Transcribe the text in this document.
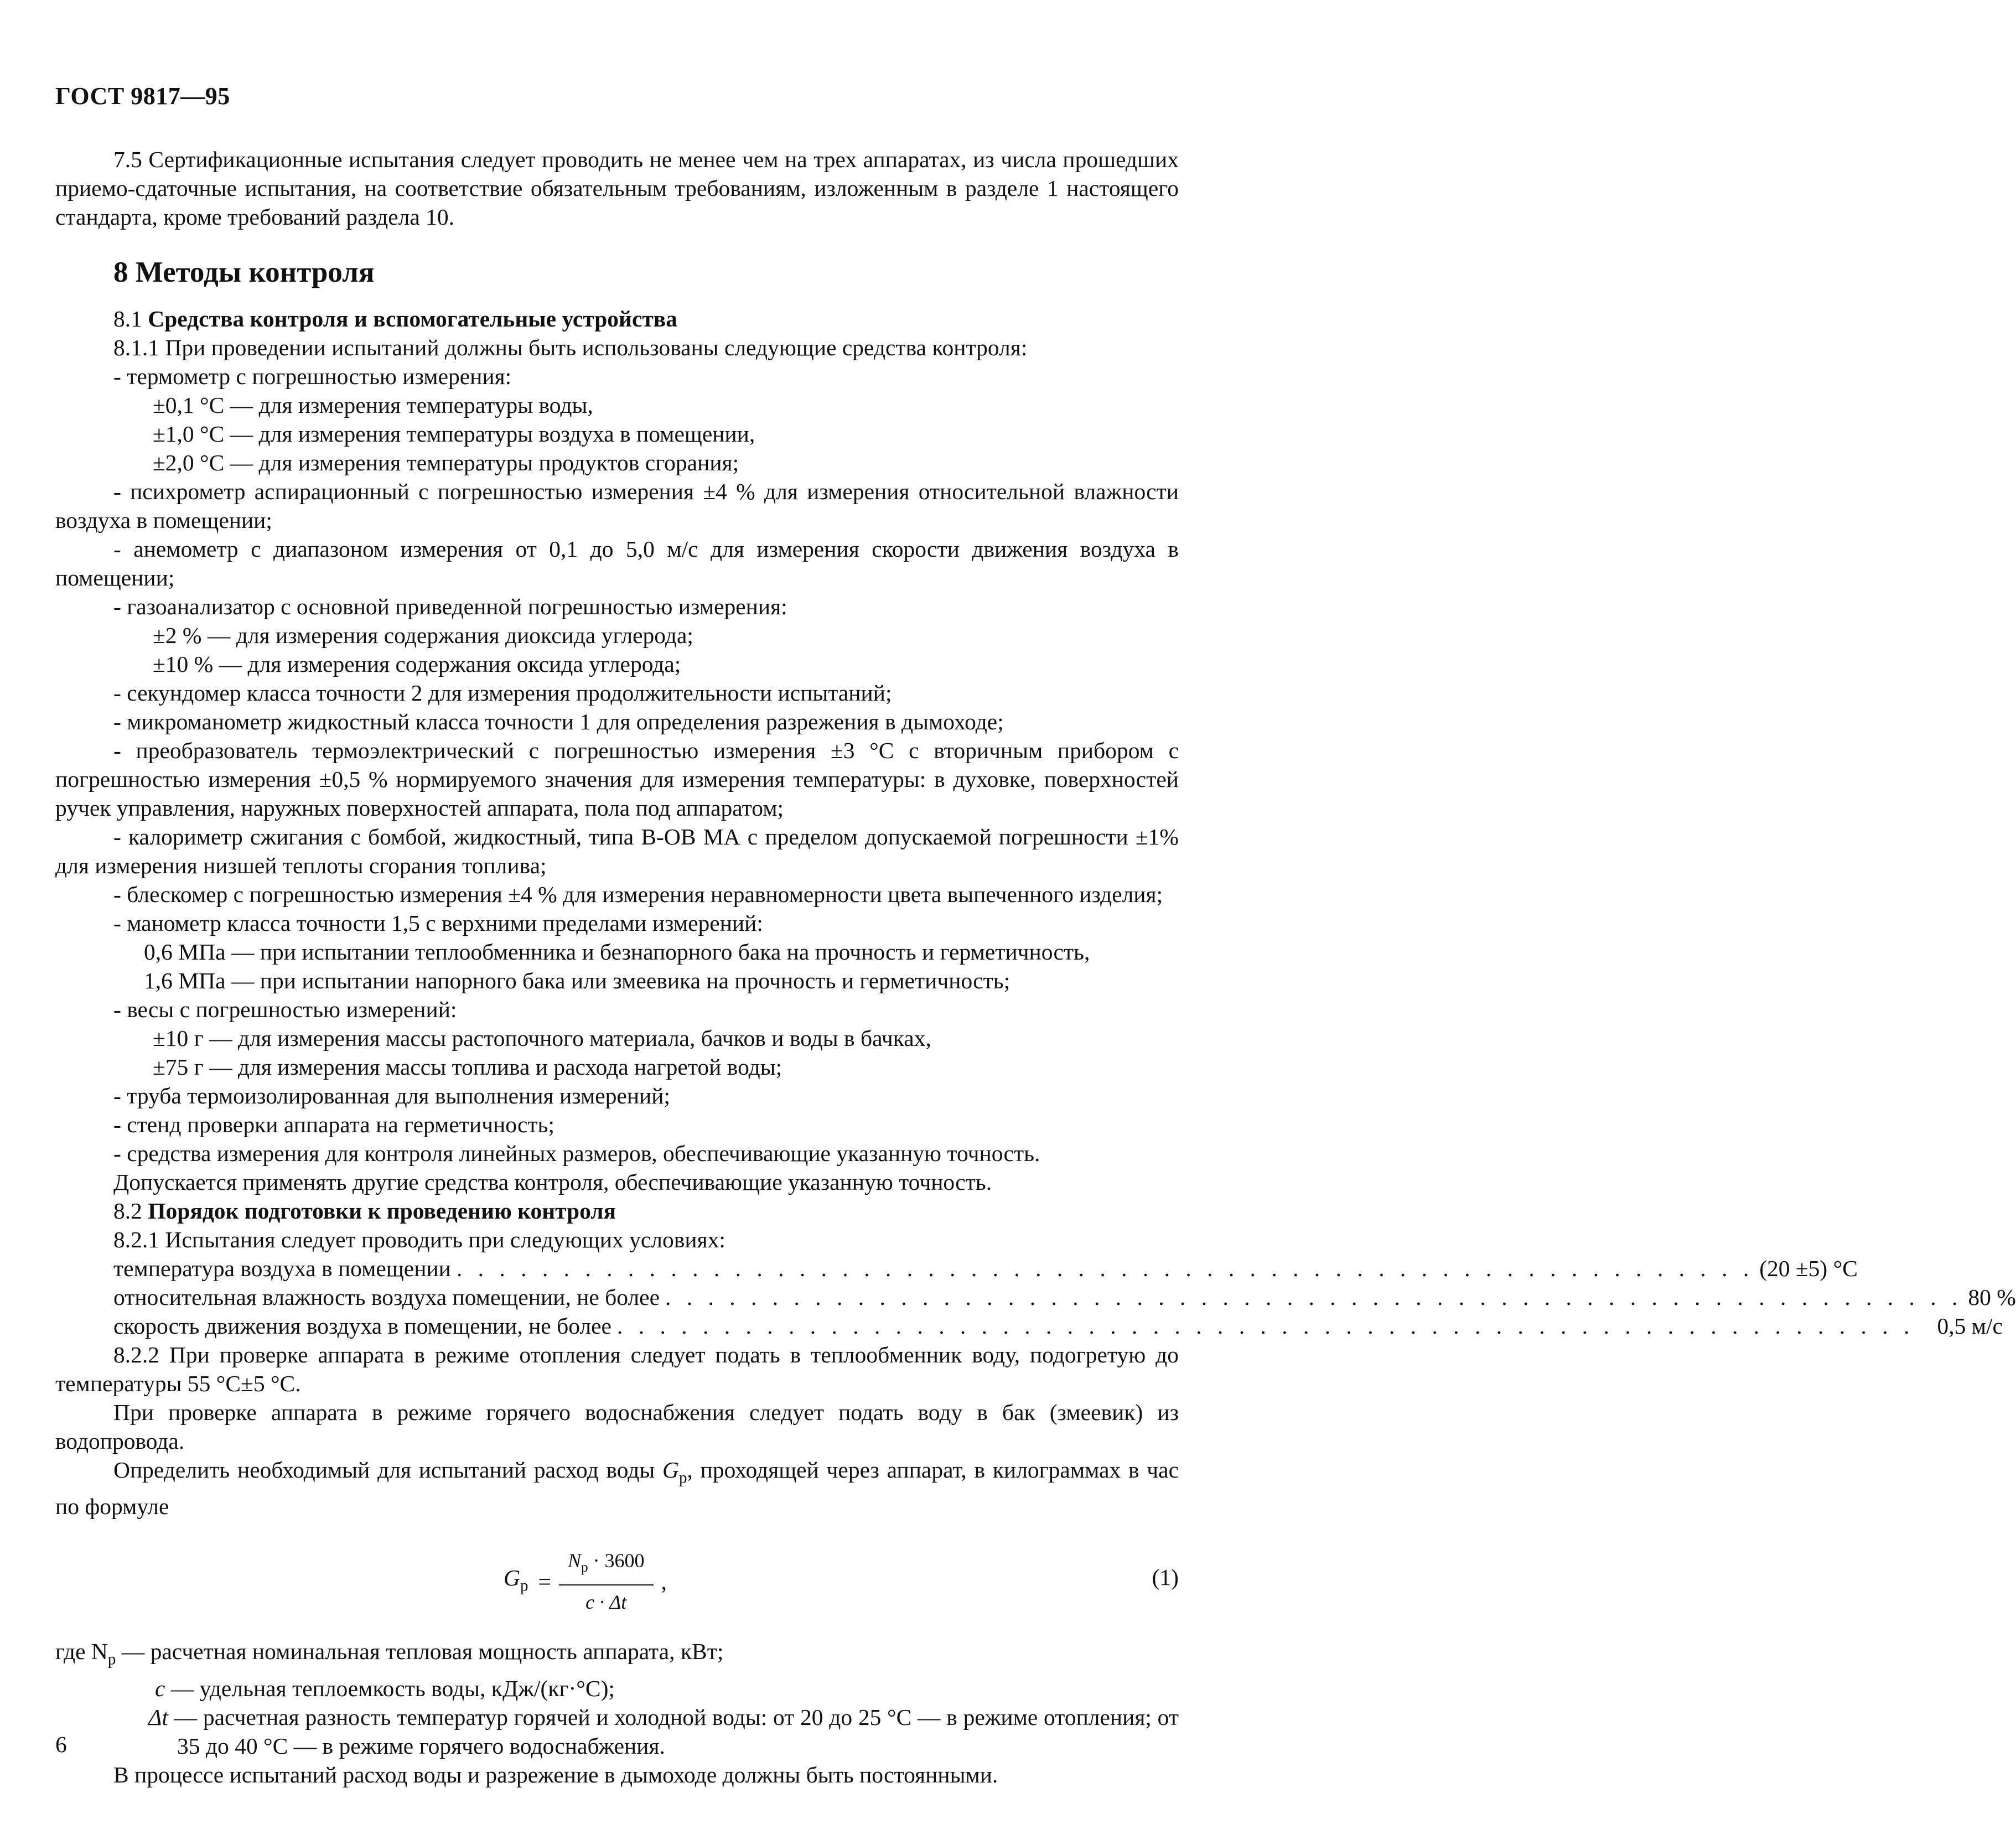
ГОСТ 9817—95

7.5 Сертификационные испытания следует проводить не менее чем на трех аппаратах, из числа прошедших приемо-сдаточные испытания, на соответствие обязательным требованиям, изложенным в разделе 1 настоящего стандарта, кроме требований раздела 10.

8 Методы контроля

8.1 Средства контроля и вспомогательные устройства

8.1.1 При проведении испытаний должны быть использованы следующие средства контроля:

- термометр с погрешностью измерения:

±0,1 °C — для измерения температуры воды,

±1,0 °C — для измерения температуры воздуха в помещении,

±2,0 °C — для измерения температуры продуктов сгорания;

- психрометр аспирационный с погрешностью измерения ±4 % для измерения относительной влажности воздуха в помещении;

- анемометр с диапазоном измерения от 0,1 до 5,0 м/с для измерения скорости движения воздуха в помещении;

- газоанализатор с основной приведенной погрешностью измерения:

±2 % — для измерения содержания диоксида углерода;

±10 % — для измерения содержания оксида углерода;

- секундомер класса точности 2 для измерения продолжительности испытаний;

- микроманометр жидкостный класса точности 1 для определения разрежения в дымоходе;

- преобразователь термоэлектрический с погрешностью измерения ±3 °C с вторичным прибором с погрешностью измерения ±0,5 % нормируемого значения для измерения температуры: в духовке, поверхностей ручек управления, наружных поверхностей аппарата, пола под аппаратом;

- калориметр сжигания с бомбой, жидкостный, типа В-ОВ МА с пределом допускаемой погрешности ±1% для измерения низшей теплоты сгорания топлива;

- блескомер с погрешностью измерения ±4 % для измерения неравномерности цвета выпеченного изделия;

- манометр класса точности 1,5 с верхними пределами измерений:

0,6 МПа — при испытании теплообменника и безнапорного бака на прочность и герметичность,

1,6 МПа — при испытании напорного бака или змеевика на прочность и герметичность;

- весы с погрешностью измерений:

±10 г — для измерения массы растопочного материала, бачков и воды в бачках,

±75 г — для измерения массы топлива и расхода нагретой воды;

- труба термоизолированная для выполнения измерений;

- стенд проверки аппарата на герметичность;

- средства измерения для контроля линейных размеров, обеспечивающие указанную точность.

Допускается применять другие средства контроля, обеспечивающие указанную точность.

8.2 Порядок подготовки к проведению контроля

8.2.1 Испытания следует проводить при следующих условиях:

температура воздуха в помещении . . . . . . . . . . . . . . . . . . . . . . . . . . . . . . . . . . . . . . . . . . . . . . . . . . . . . . . . . . . . . (20 ±5) °C
относительная влажность воздуха помещении, не более . . . . . . . . . . . . . . . . . . . . . . . . . . . . . . . . . . . . . . . . . . . . . . . . . . . . . . . . . . . . . 80 %
скорость движения воздуха в помещении, не более . . . . . . . . . . . . . . . . . . . . . . . . . . . . . . . . . . . . . . . . . . . . . . . . . . . . . . . . . . . . . 0,5 м/с

8.2.2 При проверке аппарата в режиме отопления следует подать в теплообменник воду, подогретую до температуры 55 °C±5 °C.

При проверке аппарата в режиме горячего водоснабжения следует подать воду в бак (змеевик) из водопровода.

Определить необходимый для испытаний расход воды $G_р$, проходящей через аппарат, в килограммах в час по формуле

$G_р = \frac{N_р \cdot 3600}{c \cdot \Delta t}$ ,	(1)

где $N_р$ — расчетная номинальная тепловая мощность аппарата, кВт;

c — удельная теплоемкость воды, кДж/(кг·°C);

Δt — расчетная разность температур горячей и холодной воды: от 20 до 25 °C — в режиме отопления; от 35 до 40 °C — в режиме горячего водоснабжения.

В процессе испытаний расход воды и разрежение в дымоходе должны быть постоянными.

6
